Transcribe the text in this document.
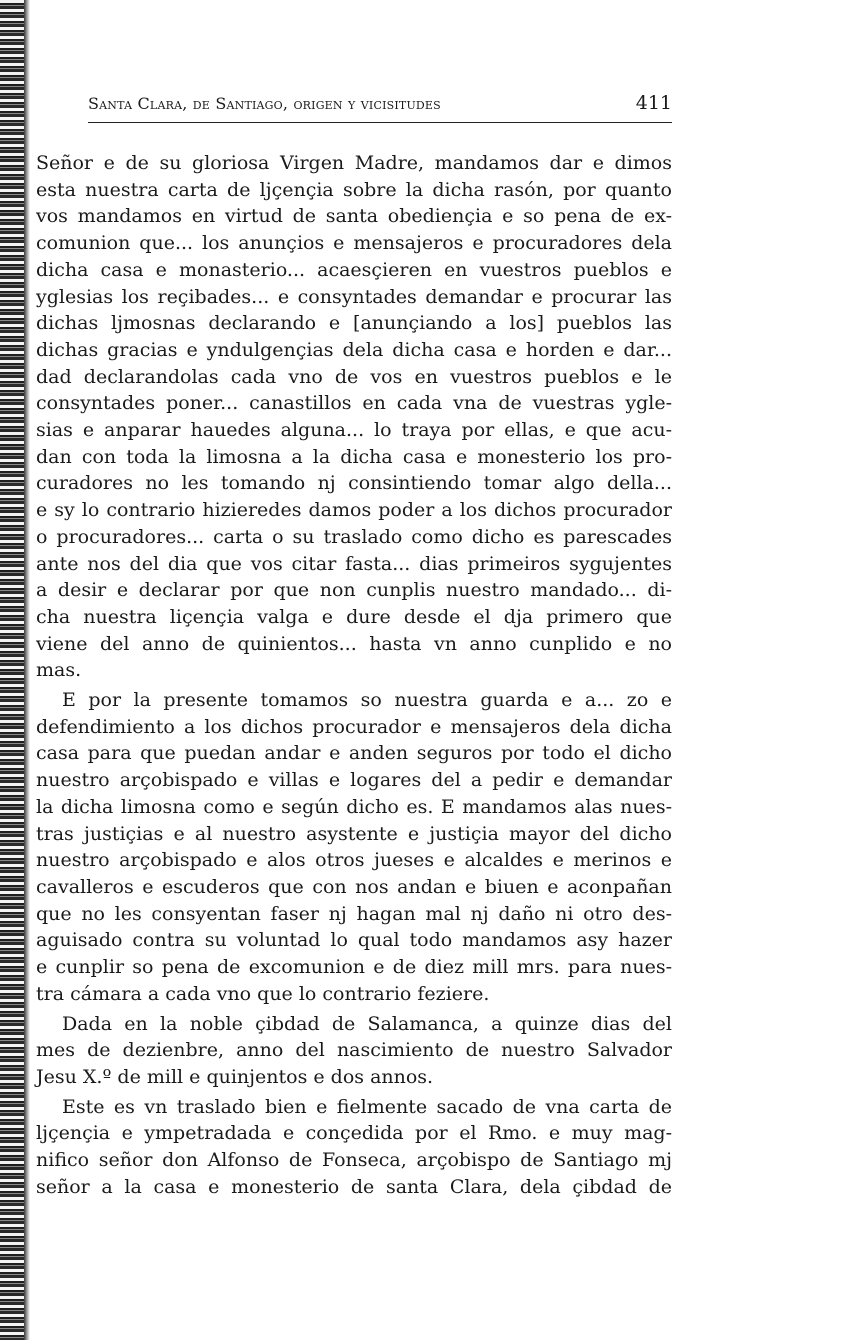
Santa Clara, de Santiago, origen y vicisitudes	411

Señor e de su gloriosa Virgen Madre, mandamos dar e dimos
esta nuestra carta de ljçençia sobre la dicha rasón, por quanto
vos mandamos en virtud de santa obediençia e so pena de ex-
comunion que... los anunçios e mensajeros e procuradores dela
dicha casa e monasterio... acaesçieren en vuestros pueblos e
yglesias los reçibades... e consyntades demandar e procurar las
dichas ljmosnas declarando e [anunçiando a los] pueblos las
dichas gracias e yndulgençias dela dicha casa e horden e dar...
dad declarandolas cada vno de vos en vuestros pueblos e le
consyntades poner... canastillos en cada vna de vuestras ygle-
sias e anparar hauedes alguna... lo traya por ellas, e que acu-
dan con toda la limosna a la dicha casa e monesterio los pro-
curadores no les tomando nj consintiendo tomar algo della...
e sy lo contrario hizieredes damos poder a los dichos procurador
o procuradores... carta o su traslado como dicho es parescades
ante nos del dia que vos citar fasta... dias primeiros sygujentes
a desir e declarar por que non cunplis nuestro mandado... di-
cha nuestra liçençia valga e dure desde el dja primero que
viene del anno de quinientos... hasta vn anno cunplido e no
mas.

E por la presente tomamos so nuestra guarda e a... zo e
defendimiento a los dichos procurador e mensajeros dela dicha
casa para que puedan andar e anden seguros por todo el dicho
nuestro arçobispado e villas e logares del a pedir e demandar
la dicha limosna como e según dicho es. E mandamos alas nues-
tras justiçias e al nuestro asystente e justiçia mayor del dicho
nuestro arçobispado e alos otros jueses e alcaldes e merinos e
cavalleros e escuderos que con nos andan e biuen e aconpañan
que no les consyentan faser nj hagan mal nj daño ni otro des-
aguisado contra su voluntad lo qual todo mandamos asy hazer
e cunplir so pena de excomunion e de diez mill mrs. para nues-
tra cámara a cada vno que lo contrario feziere.

Dada en la noble çibdad de Salamanca, a quinze dias del
mes de dezienbre, anno del nascimiento de nuestro Salvador
Jesu X.º de mill e quinjentos e dos annos.

Este es vn traslado bien e fielmente sacado de vna carta de
ljçençia e ympetradada e conçedida por el Rmo. e muy mag-
nifico señor don Alfonso de Fonseca, arçobispo de Santiago mj
señor a la casa e monesterio de santa Clara, dela çibdad de
